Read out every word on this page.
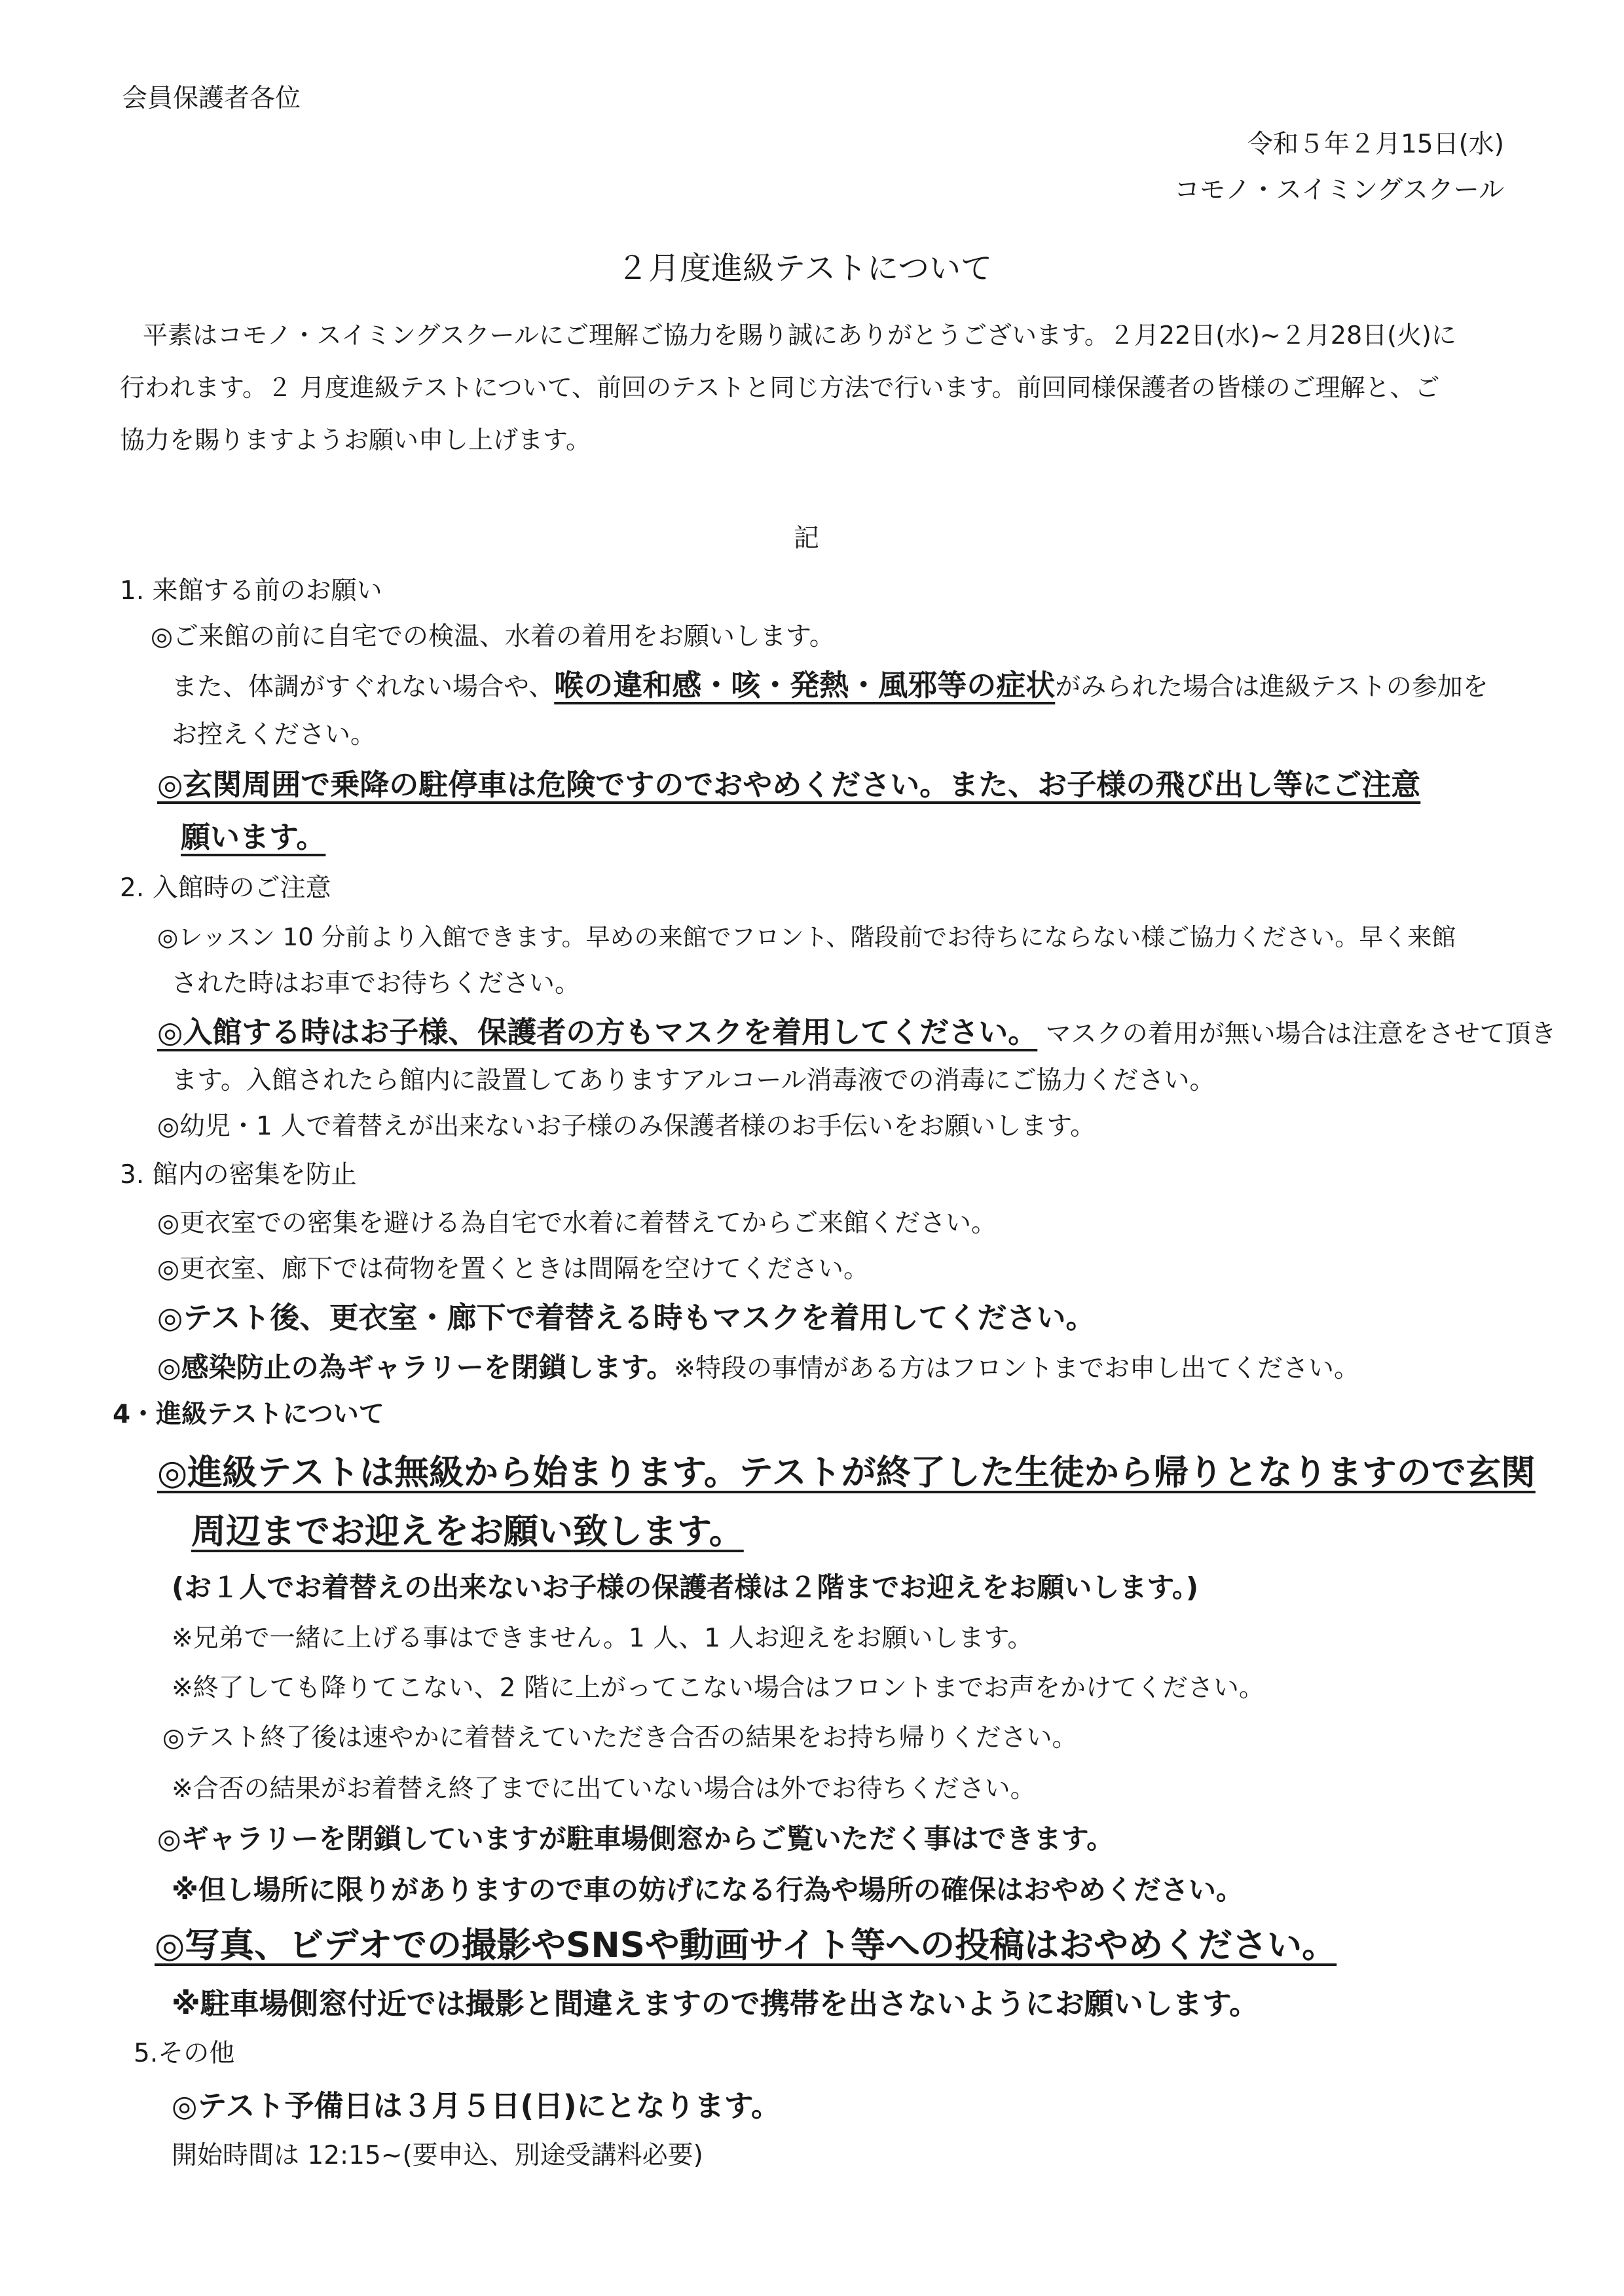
会員保護者各位
令和５年２月15日(水)
コモノ・スイミングスクール
２月度進級テストについて
平素はコモノ・スイミングスクールにご理解ご協力を賜り誠にありがとうございます。２月22日(水)~２月28日(火)に
行われます。２ 月度進級テストについて、前回のテストと同じ方法で行います。前回同様保護者の皆様のご理解と、ご
協力を賜りますようお願い申し上げます。
記
1. 来館する前のお願い
◎ご来館の前に自宅での検温、水着の着用をお願いします。
また、体調がすぐれない場合や、喉の違和感・咳・発熱・風邪等の症状がみられた場合は進級テストの参加を
お控えください。
◎玄関周囲で乗降の駐停車は危険ですのでおやめください。また、お子様の飛び出し等にご注意
願います。
2. 入館時のご注意
◎レッスン 10 分前より入館できます。早めの来館でフロント、階段前でお待ちにならない様ご協力ください。早く来館
された時はお車でお待ちください。
◎入館する時はお子様、保護者の方もマスクを着用してください。 マスクの着用が無い場合は注意をさせて頂き
ます。入館されたら館内に設置してありますアルコール消毒液での消毒にご協力ください。
◎幼児・1 人で着替えが出来ないお子様のみ保護者様のお手伝いをお願いします。
3. 館内の密集を防止
◎更衣室での密集を避ける為自宅で水着に着替えてからご来館ください。
◎更衣室、廊下では荷物を置くときは間隔を空けてください。
◎テスト後、更衣室・廊下で着替える時もマスクを着用してください。
◎感染防止の為ギャラリーを閉鎖します。※特段の事情がある方はフロントまでお申し出てください。
4・進級テストについて
◎進級テストは無級から始まります。テストが終了した生徒から帰りとなりますので玄関
周辺までお迎えをお願い致します。
(お１人でお着替えの出来ないお子様の保護者様は２階までお迎えをお願いします。)
※兄弟で一緒に上げる事はできません。1 人、1 人お迎えをお願いします。
※終了しても降りてこない、2 階に上がってこない場合はフロントまでお声をかけてください。
◎テスト終了後は速やかに着替えていただき合否の結果をお持ち帰りください。
※合否の結果がお着替え終了までに出ていない場合は外でお待ちください。
◎ギャラリーを閉鎖していますが駐車場側窓からご覧いただく事はできます。
※但し場所に限りがありますので車の妨げになる行為や場所の確保はおやめください。
◎写真、ビデオでの撮影やSNSや動画サイト等への投稿はおやめください。
※駐車場側窓付近では撮影と間違えますので携帯を出さないようにお願いします。
5.その他
◎テスト予備日は３月５日(日)にとなります。
開始時間は 12:15~(要申込、別途受講料必要)
